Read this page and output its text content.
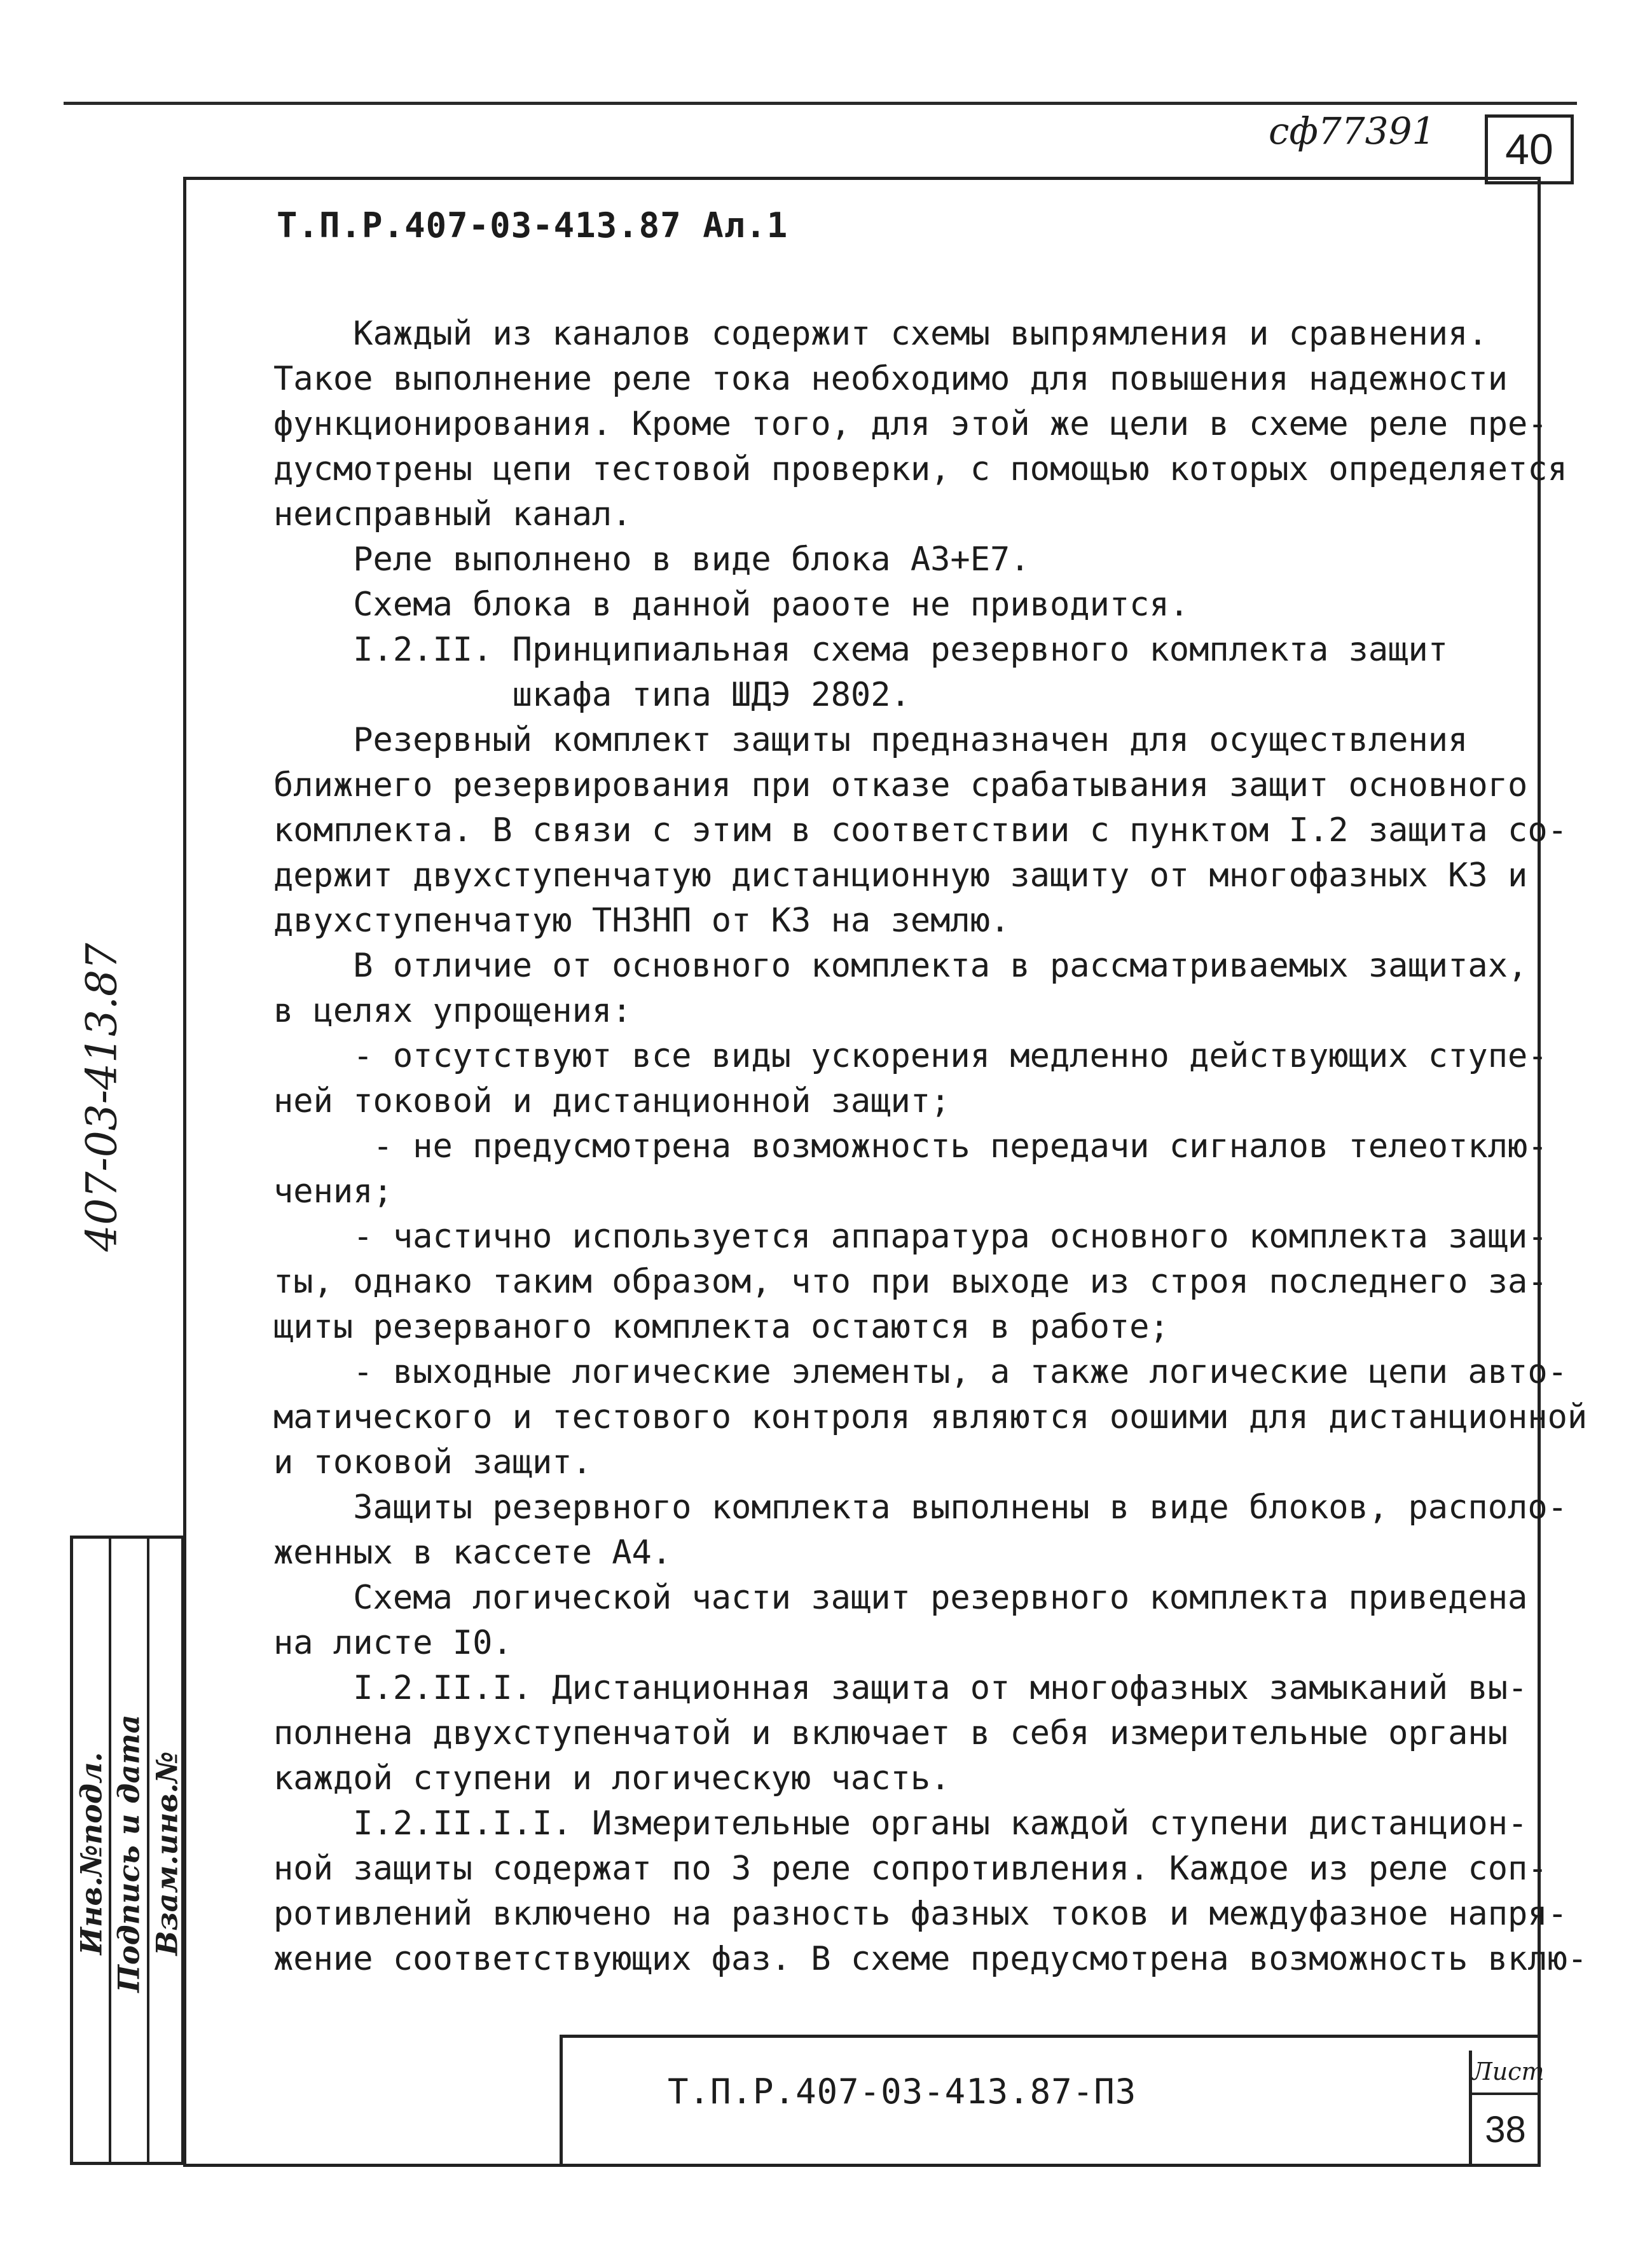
сф77391	40
Т.П.Р.407-03-413.87 Ал.1
Каждый из каналов содержит схемы выпрямления и сравнения.
Такое выполнение реле тока необходимо для повышения надежности
функционирования. Кроме того, для этой же цели в схеме реле пре-
дусмотрены цепи тестовой проверки, с помощью которых определяется
неисправный канал.
Реле выполнено в виде блока А3+Е7.
Схема блока в данной раооте не приводится.
I.2.II. Принципиальная схема резервного комплекта защит
шкафа типа ШДЭ 2802.
Резервный комплект защиты предназначен для осуществления
ближнего резервирования при отказе срабатывания защит основного
комплекта. В связи с этим в соответствии с пунктом I.2 защита со-
держит двухступенчатую дистанционную защиту от многофазных КЗ и
двухступенчатую ТНЗНП от КЗ на землю.
В отличие от основного комплекта в рассматриваемых защитах,
в целях упрощения:
- отсутствуют все виды ускорения медленно действующих ступе-
ней токовой и дистанционной защит;
- не предусмотрена возможность передачи сигналов телеотклю-
чения;
- частично используется аппаратура основного комплекта защи-
ты, однако таким образом, что при выходе из строя последнего за-
щиты резерваного комплекта остаются в работе;
- выходные логические элементы, а также логические цепи авто-
матического и тестового контроля являются оошими для дистанционной
и токовой защит.
Защиты резервного комплекта выполнены в виде блоков, располо-
женных в кассете А4.
Схема логической части защит резервного комплекта приведена
на листе I0.
I.2.II.I. Дистанционная защита от многофазных замыканий вы-
полнена двухступенчатой и включает в себя измерительные органы
каждой ступени и логическую часть.
I.2.II.I.I. Измерительные органы каждой ступени дистанцион-
ной защиты содержат по 3 реле сопротивления. Каждое из реле соп-
ротивлений включено на разность фазных токов и междуфазное напря-
жение соответствующих фаз. В схеме предусмотрена возможность вклю-
407-03-413.87
Инв.№подл. Подпись и дата Взам.инв.№
Т.П.Р.407-03-413.87-ПЗ	Лист
38
